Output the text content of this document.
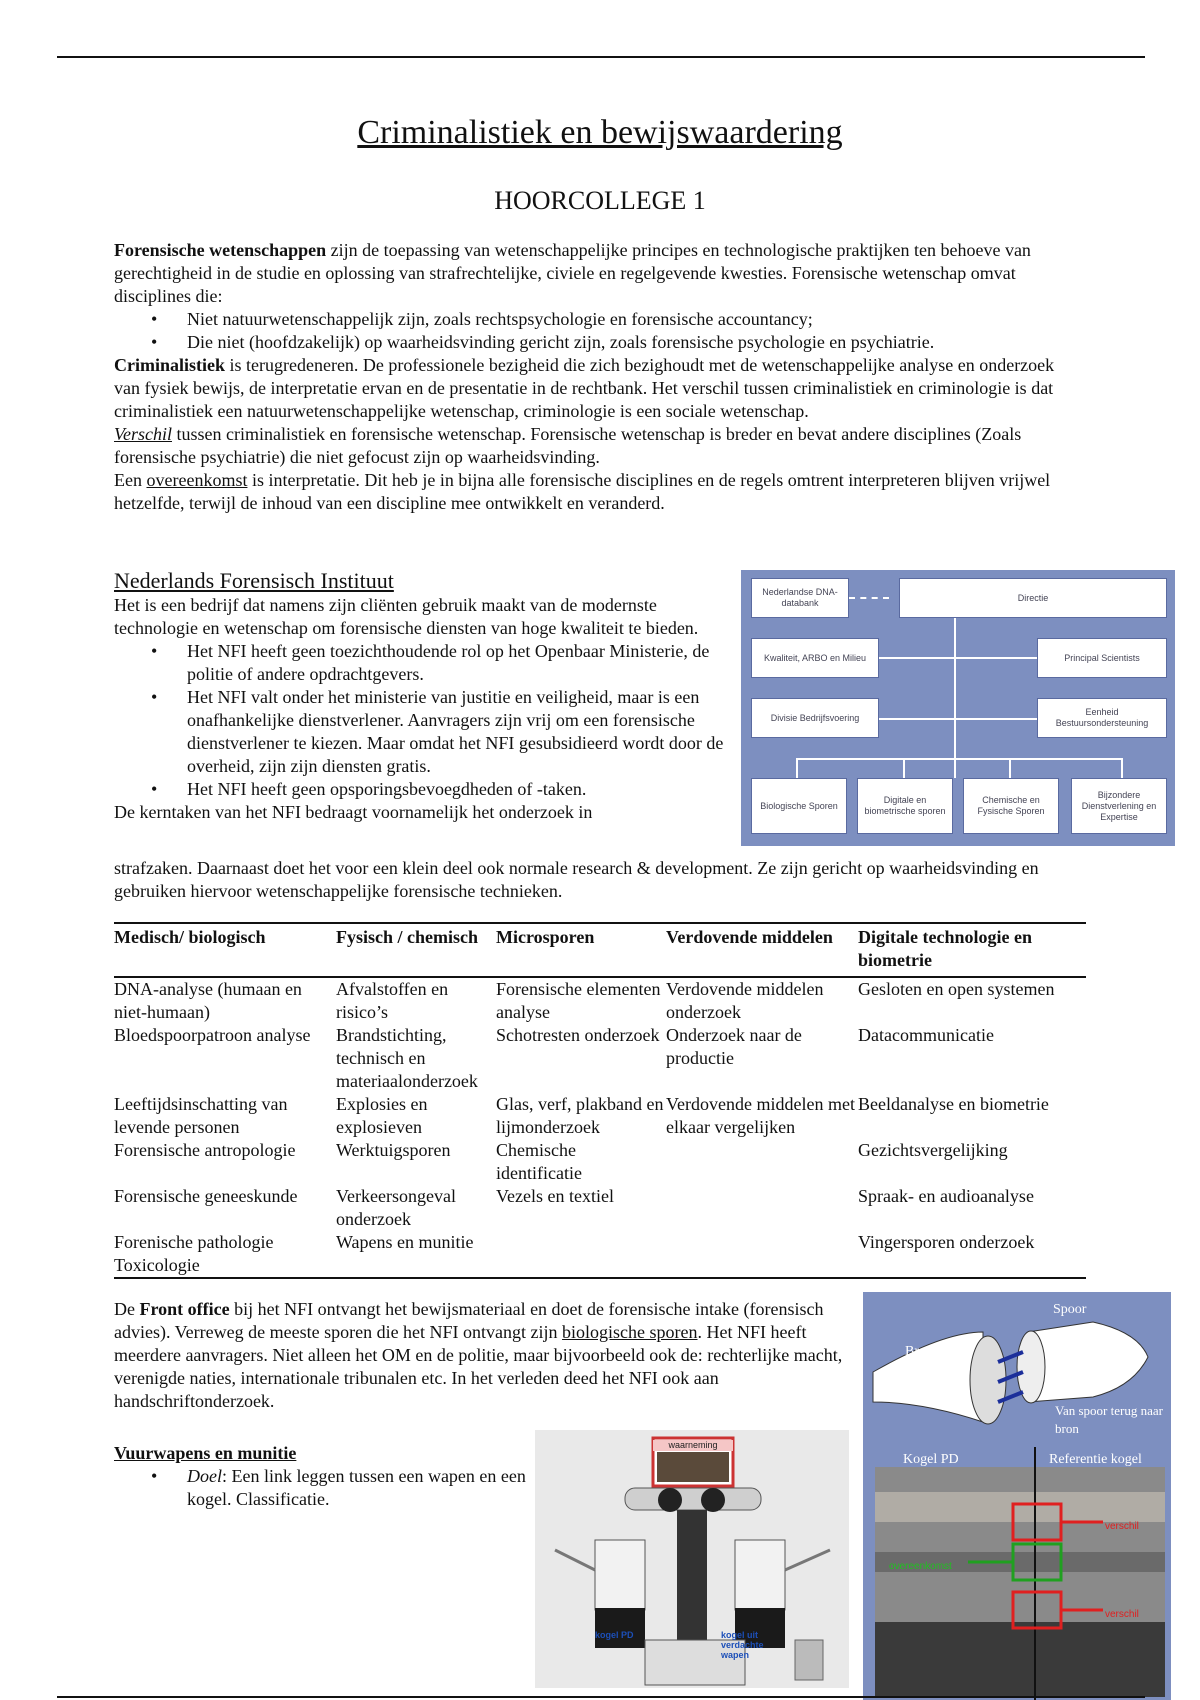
Criminalistiek en bewijswaardering
HOORCOLLEGE 1

Forensische wetenschappen zijn de toepassing van wetenschappelijke principes en technologische praktijken ten behoeve van gerechtigheid in de studie en oplossing van strafrechtelijke, civiele en regelgevende kwesties. Forensische wetenschap omvat disciplines die:

• Niet natuurwetenschappelijk zijn, zoals rechtspsychologie en forensische accountancy;
• Die niet (hoofdzakelijk) op waarheidsvinding gericht zijn, zoals forensische psychologie en psychiatrie.

Criminalistiek is terugredeneren. De professionele bezigheid die zich bezighoudt met de wetenschappelijke analyse en onderzoek van fysiek bewijs, de interpretatie ervan en de presentatie in de rechtbank. Het verschil tussen criminalistiek en criminologie is dat criminalistiek een natuurwetenschappelijke wetenschap, criminologie is een sociale wetenschap.

Verschil tussen criminalistiek en forensische wetenschap. Forensische wetenschap is breder en bevat andere disciplines (Zoals forensische psychiatrie) die niet gefocust zijn op waarheidsvinding.

Een overeenkomst is interpretatie. Dit heb je in bijna alle forensische disciplines en de regels omtrent interpreteren blijven vrijwel hetzelfde, terwijl de inhoud van een discipline mee ontwikkelt en veranderd.

Nederlands Forensisch Instituut

Het is een bedrijf dat namens zijn cliënten gebruik maakt van de modernste technologie en wetenschap om forensische diensten van hoge kwaliteit te bieden.

• Het NFI heeft geen toezichthoudende rol op het Openbaar Ministerie, de politie of andere opdrachtgevers.
• Het NFI valt onder het ministerie van justitie en veiligheid, maar is een onafhankelijke dienstverlener. Aanvragers zijn vrij om een forensische dienstverlener te kiezen. Maar omdat het NFI gesubsidieerd wordt door de overheid, zijn zijn diensten gratis.
• Het NFI heeft geen opsporingsbevoegdheden of -taken.

De kerntaken van het NFI bedraagt voornamelijk het onderzoek in

strafzaken. Daarnaast doet het voor een klein deel ook normale research & development. Ze zijn gericht op waarheidsvinding en gebruiken hiervoor wetenschappelijke forensische technieken.
Nederlandse DNA-databank
Directie
Kwaliteit, ARBO en Milieu	Principal Scientists
Divisie Bedrijfsvoering
Eenheid Bestuursondersteuning
Biologische Sporen
Digitale en biometrische sporen
Chemische en Fysische Sporen
Bijzondere Dienstverlening en Expertise
Medisch/ biologisch	Fysisch / chemisch	Microsporen	Verdovende middelen	Digitale technologie en biometrie
DNA-analyse (humaan en niet-humaan)	Afvalstoffen en risico’s	Forensische elementen analyse	Verdovende middelen onderzoek	Gesloten en open systemen
Bloedspoorpatroon analyse	Brandstichting, technisch en materiaalonderzoek	Schotresten onderzoek	Onderzoek naar de productie	Datacommunicatie
Leeftijdsinschatting van levende personen	Explosies en explosieven	Glas, verf, plakband en lijmonderzoek	Verdovende middelen met elkaar vergelijken	Beeldanalyse en biometrie
Forensische antropologie	Werktuigsporen	Chemische identificatie		Gezichtsvergelijking
Forensische geneeskunde	Verkeersongeval onderzoek	Vezels en textiel		Spraak- en audioanalyse
Forenische pathologie Toxicologie	Wapens en munitie			Vingersporen onderzoek
De Front office bij het NFI ontvangt het bewijsmateriaal en doet de forensische intake (forensisch advies). Verreweg de meeste sporen die het NFI ontvangt zijn biologische sporen. Het NFI heeft meerdere aanvragers. Niet alleen het OM en de politie, maar bijvoorbeeld ook de: rechterlijke macht, verenigde naties, internationale tribunalen etc. In het verleden deed het NFI ook aan handschriftonderzoek.
Vuurwapens en munitie
• Doel: Een link leggen tussen een wapen en een kogel. Classificatie.
waarneming
kogel PD	kogel uit verdachte wapen
Spoor
Bron
Van spoor terug naar bron
Kogel PD	Referentie kogel
verschil
overeenkomst
verschil
